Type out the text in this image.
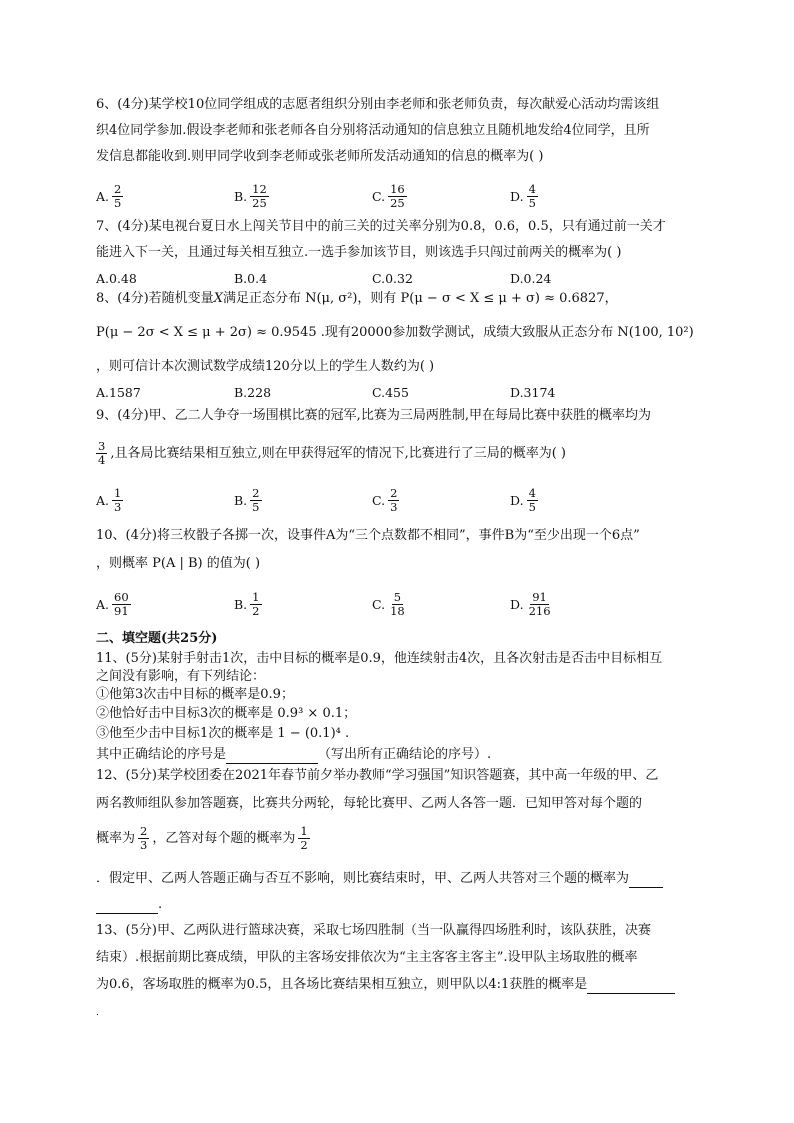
6、(4分)某学校10位同学组成的志愿者组织分别由李老师和张老师负责，每次献爱心活动均需该组
织4位同学参加.假设李老师和张老师各自分别将活动通知的信息独立且随机地发给4位同学，且所
发信息都能收到.则甲同学收到李老师或张老师所发活动通知的信息的概率为( )
A. $\frac{2}{5}$	B. $\frac{12}{25}$	C. $\frac{16}{25}$	D. $\frac{4}{5}$
7、(4分)某电视台夏日水上闯关节目中的前三关的过关率分别为0.8，0.6，0.5，只有通过前一关才
能进入下一关，且通过每关相互独立.一选手参加该节目，则该选手只闯过前两关的概率为( )
A.0.48	B.0.4	C.0.32	D.0.24
8、(4分)若随机变量X满足正态分布 N(μ, σ²)，则有 P(μ − σ < X ≤ μ + σ) ≈ 0.6827，
P(μ − 2σ < X ≤ μ + 2σ) ≈ 0.9545 .现有20000参加数学测试，成绩大致服从正态分布 N(100, 10²)
，则可信计本次测试数学成绩120分以上的学生人数约为( )
A.1587	B.228	C.455	D.3174
9、(4分)甲、乙二人争夺一场围棋比赛的冠军,比赛为三局两胜制,甲在每局比赛中获胜的概率均为
$\frac{3}{4}$ ,且各局比赛结果相互独立,则在甲获得冠军的情况下,比赛进行了三局的概率为( )
A. $\frac{1}{3}$	B. $\frac{2}{5}$	C. $\frac{2}{3}$	D. $\frac{4}{5}$
10、(4分)将三枚骰子各掷一次，设事件A为“三个点数都不相同”，事件B为“至少出现一个6点”
，则概率 P(A | B) 的值为( )
A. $\frac{60}{91}$	B. $\frac{1}{2}$	C. $\frac{5}{18}$	D. $\frac{91}{216}$
二、填空题(共25分)
11、(5分)某射手射击1次，击中目标的概率是0.9，他连续射击4次，且各次射击是否击中目标相互
之间没有影响，有下列结论：
①他第3次击中目标的概率是0.9；
②他恰好击中目标3次的概率是 0.9³ × 0.1；
③他至少击中目标1次的概率是 1 − (0.1)⁴ .
其中正确结论的序号是	（写出所有正确结论的序号）.
12、(5分)某学校团委在2021年春节前夕举办教师“学习强国”知识答题赛，其中高一年级的甲、乙
两名教师组队参加答题赛，比赛共分两轮，每轮比赛甲、乙两人各答一题．已知甲答对每个题的
概率为 $\frac{2}{3}$ ，乙答对每个题的概率为 $\frac{1}{2}$
．假定甲、乙两人答题正确与否互不影响，则比赛结束时，甲、乙两人共答对三个题的概率为
.
13、(5分)甲、乙两队进行篮球决赛，采取七场四胜制（当一队赢得四场胜利时，该队获胜，决赛
结束）.根据前期比赛成绩，甲队的主客场安排依次为“主主客客主客主”.设甲队主场取胜的概率
为0.6，客场取胜的概率为0.5，且各场比赛结果相互独立，则甲队以4:1获胜的概率是
.
